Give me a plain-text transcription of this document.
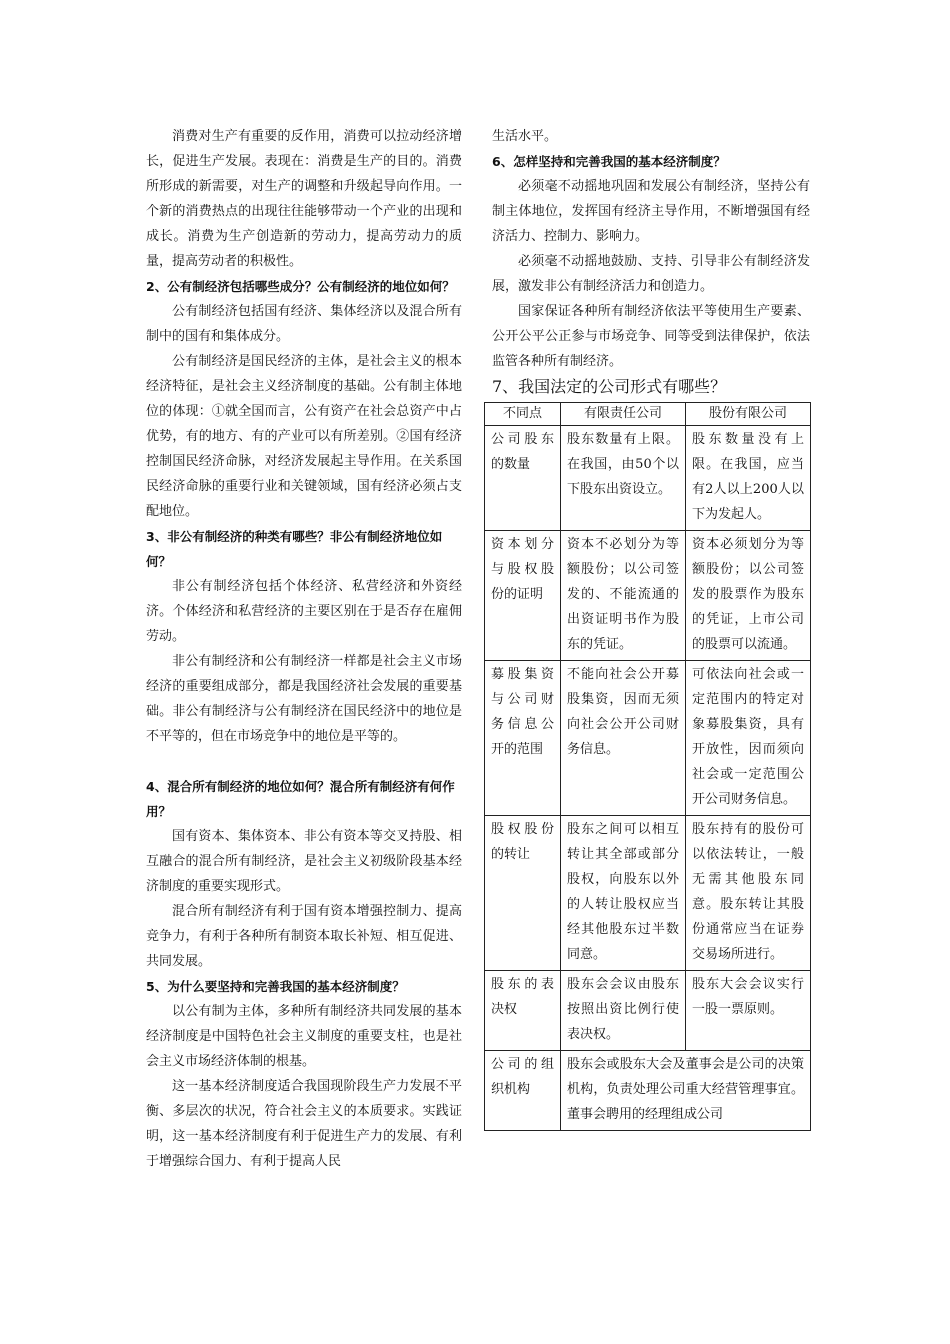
消费对生产有重要的反作用，消费可以拉动经济增长，促进生产发展。表现在：消费是生产的目的。消费所形成的新需要，对生产的调整和升级起导向作用。一个新的消费热点的出现往往能够带动一个产业的出现和成长。消费为生产创造新的劳动力，提高劳动力的质量，提高劳动者的积极性。

2、公有制经济包括哪些成分？公有制经济的地位如何？

公有制经济包括国有经济、集体经济以及混合所有制中的国有和集体成分。

公有制经济是国民经济的主体，是社会主义的根本经济特征，是社会主义经济制度的基础。公有制主体地位的体现：①就全国而言，公有资产在社会总资产中占优势，有的地方、有的产业可以有所差别。②国有经济控制国民经济命脉，对经济发展起主导作用。在关系国民经济命脉的重要行业和关键领域，国有经济必须占支配地位。

3、非公有制经济的种类有哪些？非公有制经济地位如何？

非公有制经济包括个体经济、私营经济和外资经济。个体经济和私营经济的主要区别在于是否存在雇佣劳动。

非公有制经济和公有制经济一样都是社会主义市场经济的重要组成部分，都是我国经济社会发展的重要基础。非公有制经济与公有制经济在国民经济中的地位是不平等的，但在市场竞争中的地位是平等的。

4、混合所有制经济的地位如何？混合所有制经济有何作用？

国有资本、集体资本、非公有资本等交叉持股、相互融合的混合所有制经济，是社会主义初级阶段基本经济制度的重要实现形式。

混合所有制经济有利于国有资本增强控制力、提高竞争力，有利于各种所有制资本取长补短、相互促进、共同发展。

5、为什么要坚持和完善我国的基本经济制度？

以公有制为主体，多种所有制经济共同发展的基本经济制度是中国特色社会主义制度的重要支柱，也是社会主义市场经济体制的根基。

这一基本经济制度适合我国现阶段生产力发展不平衡、多层次的状况，符合社会主义的本质要求。实践证明，这一基本经济制度有利于促进生产力的发展、有利于增强综合国力、有利于提高人民

生活水平。

6、怎样坚持和完善我国的基本经济制度？

必须毫不动摇地巩固和发展公有制经济，坚持公有制主体地位，发挥国有经济主导作用，不断增强国有经济活力、控制力、影响力。

必须毫不动摇地鼓励、支持、引导非公有制经济发展，激发非公有制经济活力和创造力。

国家保证各种所有制经济依法平等使用生产要素、公开公平公正参与市场竞争、同等受到法律保护，依法监管各种所有制经济。

7、我国法定的公司形式有哪些？

不同点	有限责任公司	股份有限公司
公司股东的数量	股东数量有上限。在我国，由50个以下股东出资设立。	股东数量没有上限。在我国，应当有2人以上200人以下为发起人。
资本划分与股权股份的证明	资本不必划分为等额股份；以公司签发的、不能流通的出资证明书作为股东的凭证。	资本必须划分为等额股份；以公司签发的股票作为股东的凭证，上市公司的股票可以流通。
募股集资与公司财务信息公开的范围	不能向社会公开募股集资，因而无须向社会公开公司财务信息。	可依法向社会或一定范围内的特定对象募股集资，具有开放性，因而须向社会或一定范围公开公司财务信息。
股权股份的转让	股东之间可以相互转让其全部或部分股权，向股东以外的人转让股权应当经其他股东过半数同意。	股东持有的股份可以依法转让，一般无需其他股东同意。股东转让其股份通常应当在证券交易场所进行。
股东的表决权	股东会会议由股东按照出资比例行使表决权。	股东大会会议实行一股一票原则。
公司的组织机构	股东会或股东大会及董事会是公司的决策机构，负责处理公司重大经营管理事宜。董事会聘用的经理组成公司	
